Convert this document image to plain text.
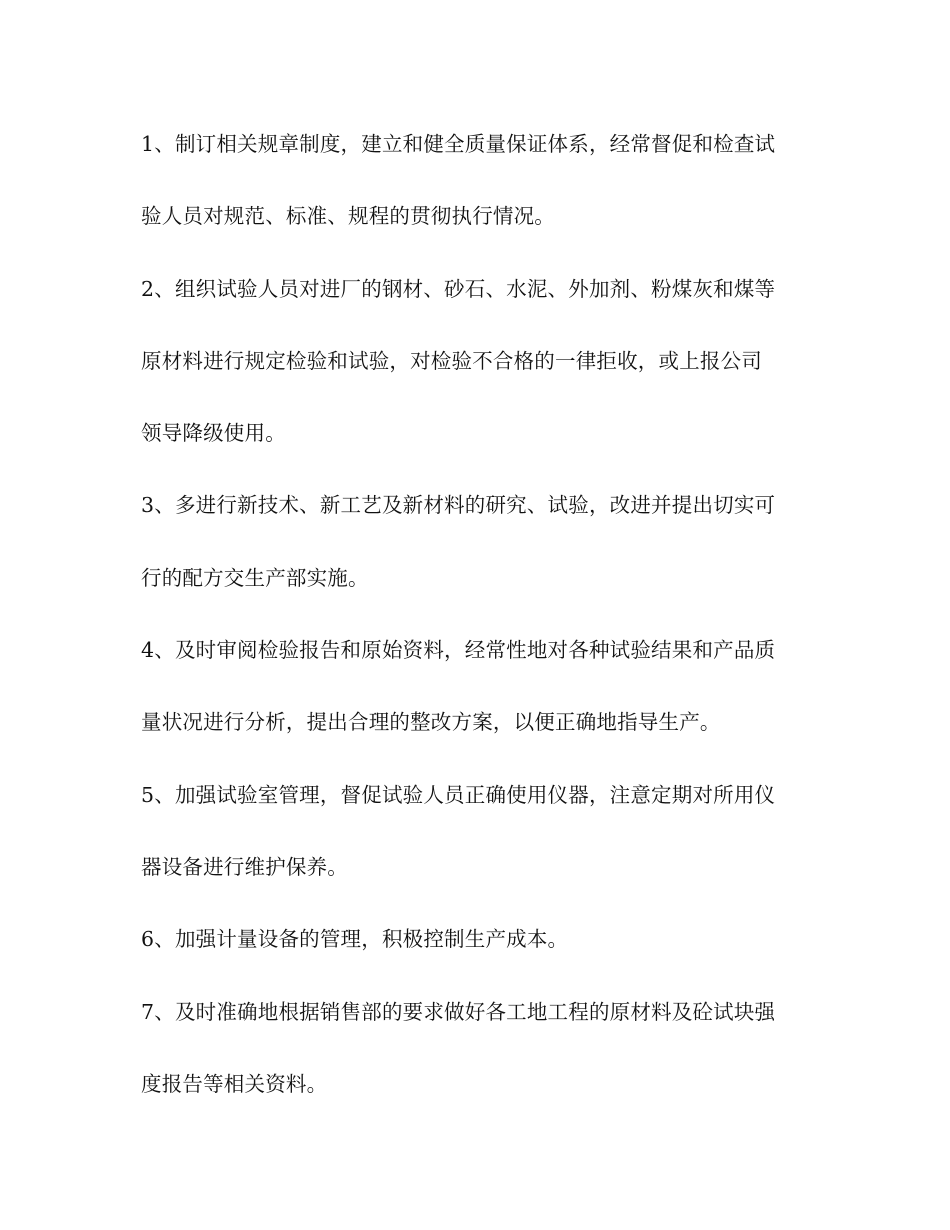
1、制订相关规章制度，建立和健全质量保证体系，经常督促和检查试
验人员对规范、标准、规程的贯彻执行情况。
2、组织试验人员对进厂的钢材、砂石、水泥、外加剂、粉煤灰和煤等
原材料进行规定检验和试验，对检验不合格的一律拒收，或上报公司
领导降级使用。
3、多进行新技术、新工艺及新材料的研究、试验，改进并提出切实可
行的配方交生产部实施。
4、及时审阅检验报告和原始资料，经常性地对各种试验结果和产品质
量状况进行分析，提出合理的整改方案，以便正确地指导生产。
5、加强试验室管理，督促试验人员正确使用仪器，注意定期对所用仪
器设备进行维护保养。
6、加强计量设备的管理，积极控制生产成本。
7、及时准确地根据销售部的要求做好各工地工程的原材料及砼试块强
度报告等相关资料。
